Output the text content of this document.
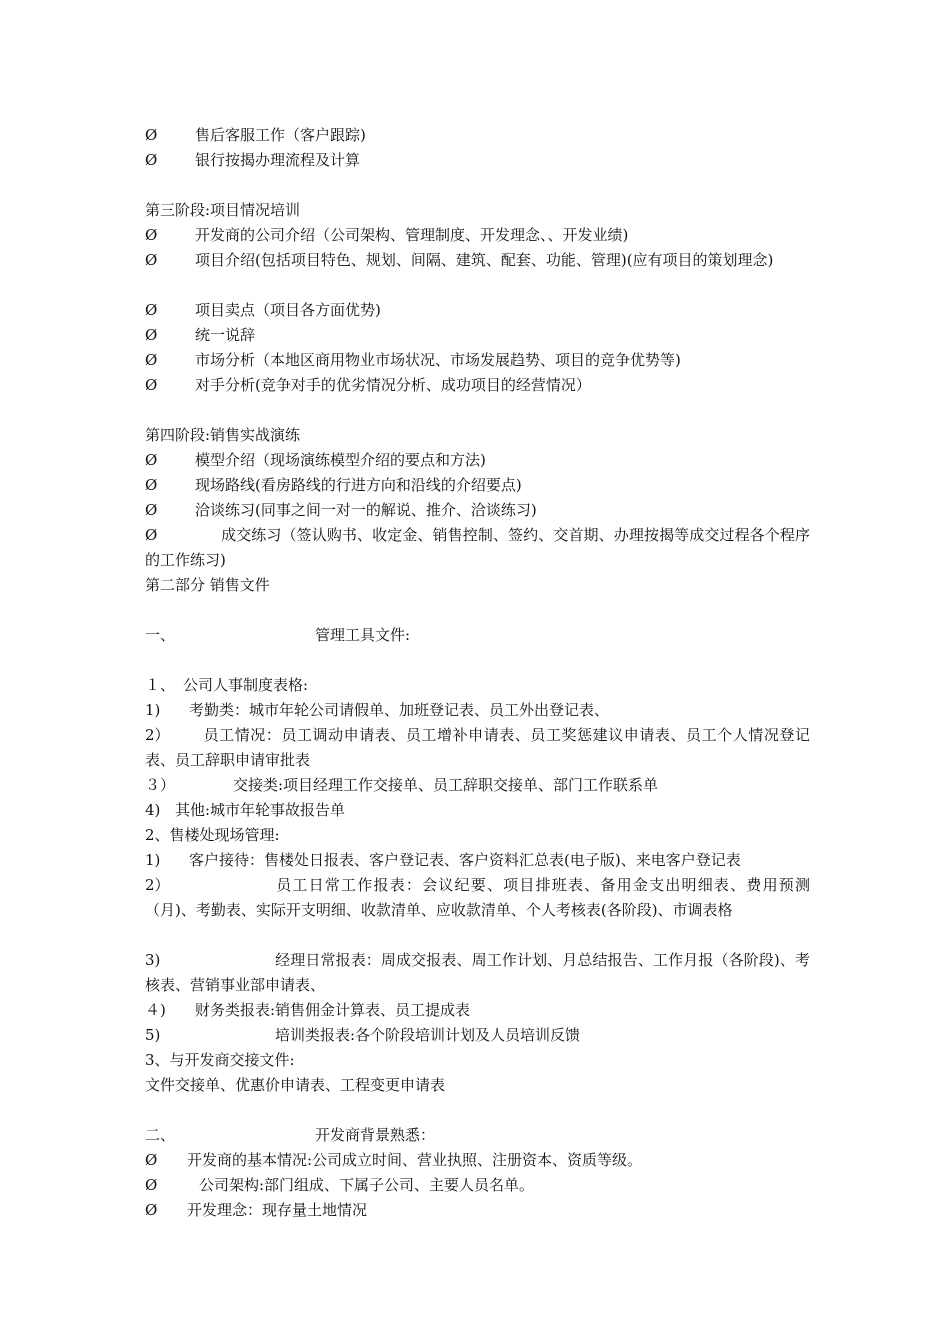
Ø	售后客服工作（客户跟踪)
Ø	银行按揭办理流程及计算
第三阶段:项目情况培训
Ø	开发商的公司介绍（公司架构、管理制度、开发理念、、开发业绩)
Ø	项目介绍(包括项目特色、规划、间隔、建筑、配套、功能、管理)(应有项目的策划理念)
Ø	项目卖点（项目各方面优势)
Ø	统一说辞
Ø	市场分析（本地区商用物业市场状况、市场发展趋势、项目的竞争优势等)
Ø	对手分析(竞争对手的优劣情况分析、成功项目的经营情况）
第四阶段:销售实战演练
Ø	模型介绍（现场演练模型介绍的要点和方法)
Ø	现场路线(看房路线的行进方向和沿线的介绍要点)
Ø	洽谈练习(同事之间一对一的解说、推介、洽谈练习)
Ø	成交练习（签认购书、收定金、销售控制、签约、交首期、办理按揭等成交过程各个程序的工作练习)
第二部分 销售文件
一、	管理工具文件:
１、 公司人事制度表格:
1) 考勤类：城市年轮公司请假单、加班登记表、员工外出登记表、
2） 员工情况：员工调动申请表、员工增补申请表、员工奖惩建议申请表、员工个人情况登记表、员工辞职申请审批表
３）	交接类:项目经理工作交接单、员工辞职交接单、部门工作联系单
4) 其他:城市年轮事故报告单
2、售楼处现场管理:
1) 客户接待：售楼处日报表、客户登记表、客户资料汇总表(电子版)、来电客户登记表
2）	员工日常工作报表：会议纪要、项目排班表、备用金支出明细表、费用预测（月)、考勤表、实际开支明细、收款清单、应收款清单、个人考核表(各阶段)、市调表格
3)	经理日常报表：周成交报表、周工作计划、月总结报告、工作月报（各阶段)、考核表、营销事业部申请表、
４) 财务类报表:销售佣金计算表、员工提成表
5)	培训类报表:各个阶段培训计划及人员培训反馈
3、与开发商交接文件:
文件交接单、优惠价申请表、工程变更申请表
二、	开发商背景熟悉：
Ø 开发商的基本情况:公司成立时间、营业执照、注册资本、资质等级。
Ø	公司架构:部门组成、下属子公司、主要人员名单。
Ø 开发理念：现存量土地情况
